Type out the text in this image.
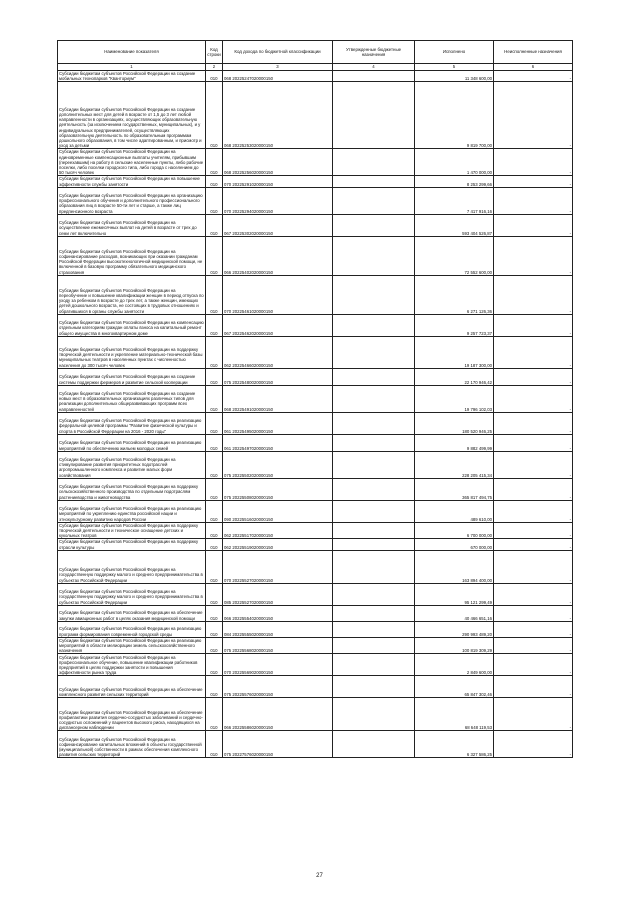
Наименование показателя	Код строки	Код дохода по бюджетной классификации	Утвержденные бюджетные назначения	Исполнено	Неисполненные назначения
1	2	3	4	5	6
Субсидии бюджетам субъектов Российской Федерации на создание мобильных технопарков "Кванториум"	010	068 20225247020000150		11 348 600,00	-
Субсидии бюджетам субъектов Российской Федерации на создание дополнительных мест для детей в возрасте от 1,5 до 3 лет любой направленности в организациях, осуществляющих образовательную деятельность (за исключением государственных, муниципальных), и у индивидуальных предпринимателей, осуществляющих образовательную деятельность по образовательным программам дошкольного образования, в том числе адаптированным, и присмотр и уход за детьми	010	068 20225253020000150		9 819 700,00	-
Субсидии бюджетам субъектов Российской Федерации на единовременные компенсационные выплаты учителям, прибывшим (переехавшим) на работу в сельские населенные пункты, либо рабочие поселки, либо поселки городского типа, либо города с населением до 50 тысяч человек	010	068 20225256020000150		1 470 000,00	-
Субсидии бюджетам субъектов Российской Федерации на повышение эффективности службы занятости	010	070 20225291020000150		8 253 299,66	-
Субсидии бюджетам субъектов Российской Федерации на организацию профессионального обучения и дополнительного профессионального образования лиц в возрасте 50-ти лет и старше, а также лиц предпенсионного возраста	010	070 20225294020000150		7 417 916,16	-
Субсидии бюджетам субъектов Российской Федерации на осуществление ежемесячных выплат на детей в возрасте от трех до семи лет включительно	010	067 20225302020000150		593 404 526,87	-
Субсидии бюджетам субъектов Российской Федерации на софинансирование расходов, возникающих при оказании гражданам Российской Федерации высокотехнологичной медицинской помощи, не включенной в базовую программу обязательного медицинского страхования	010	066 20225402020000150		72 552 600,00	-
Субсидии бюджетам субъектов Российской Федерации на переобучение и повышение квалификации женщин в период отпуска по уходу за ребенком в возрасте до трех лет, а также женщин, имеющих детей дошкольного возраста, не состоящих в трудовых отношениях и обратившихся в органы службы занятости	010	070 20225461020000150		6 271 126,36	-
Субсидии бюджетам субъектов Российской Федерации на компенсацию отдельным категориям граждан оплаты взноса на капитальный ремонт общего имущества в многоквартирном доме	010	067 20225462020000150		9 257 723,37	-
Субсидии бюджетам субъектов Российской Федерации на поддержку творческой деятельности и укрепление материально-технической базы муниципальных театров в населенных пунктах с численностью населения до 300 тысяч человек	010	062 20225466020000150		19 187 300,00	-
Субсидии бюджетам субъектов Российской Федерации на создание системы поддержки фермеров и развитие сельской кооперации	010	075 20225480020000150		22 170 946,42	-
Субсидии бюджетам субъектов Российской Федерации на создание новых мест в образовательных организациях различных типов для реализации дополнительных общеразвивающих программ всех направленностей	010	068 20225491020000150		19 796 102,03	-
Субсидии бюджетам субъектов Российской Федерации на реализацию федеральной целевой программы "Развитие физической культуры и спорта в Российской Федерации на 2016 - 2020 годы"	010	061 20225495020000150		180 520 946,25	-
Субсидии бюджетам субъектов Российской Федерации на реализацию мероприятий по обеспечению жильем молодых семей	010	061 20225497020000150		9 882 499,99	-
Субсидии бюджетам субъектов Российской Федерации на стимулирование развития приоритетных подотраслей агропромышленного комплекса и развитие малых форм хозяйствования	010	075 20225502020000150		228 205 415,34	-
Субсидии бюджетам субъектов Российской Федерации на поддержку сельскохозяйственного производства по отдельным подотраслям растениеводства и животноводства	010	075 20225508020000150		365 817 494,75	-
Субсидии бюджетам субъектов Российской Федерации на реализацию мероприятий по укреплению единства российской нации и этнокультурному развитию народов России	010	090 20225516020000150		489 610,00	-
Субсидии бюджетам субъектов Российской Федерации на поддержку творческой деятельности и техническое оснащение детских и кукольных театров	010	062 20225517020000150		6 700 000,00	-
Субсидии бюджетам субъектов Российской Федерации на поддержку отрасли культуры	010	062 20225519020000150		670 000,00	-
Субсидии бюджетам субъектов Российской Федерации на государственную поддержку малого и среднего предпринимательства в субъектах Российской Федерации	010	070 20225527020000150		163 894 400,00	-
Субсидии бюджетам субъектов Российской Федерации на государственную поддержку малого и среднего предпринимательства в субъектах Российской Федерации	010	085 20225527020000150		95 121 299,49	-
Субсидии бюджетам субъектов Российской Федерации на обеспечение закупки авиационных работ в целях оказания медицинской помощи	010	066 20225554020000150		40 466 651,16	-
Субсидии бюджетам субъектов Российской Федерации на реализацию программ формирования современной городской среды	010	084 20225555020000150		290 993 489,20	-
Субсидии бюджетам субъектов Российской Федерации на реализацию мероприятий в области мелиорации земель сельскохозяйственного назначения	010	075 20225568020000150		100 819 309,29	-
Субсидии бюджетам субъектов Российской Федерации на профессиональное обучение, повышение квалификации работников предприятий в целях поддержки занятости и повышения эффективности рынка труда	010	070 20225569020000150		2 849 600,00	-
Субсидии бюджетам субъектов Российской Федерации на обеспечение комплексного развития сельских территорий	010	075 20225576020000150		65 847 302,46	-
Субсидии бюджетам субъектов Российской Федерации на обеспечение профилактики развития сердечно-сосудистых заболеваний и сердечно-сосудистых осложнений у пациентов высокого риска, находящихся на диспансерном наблюдении	010	066 20225586020000150		68 648 119,53	-
Субсидии бюджетам субъектов Российской Федерации на софинансирование капитальных вложений в объекты государственной (муниципальной) собственности в рамках обеспечения комплексного развития сельских территорий	010	075 20227576020000150		6 327 586,25	-
27
